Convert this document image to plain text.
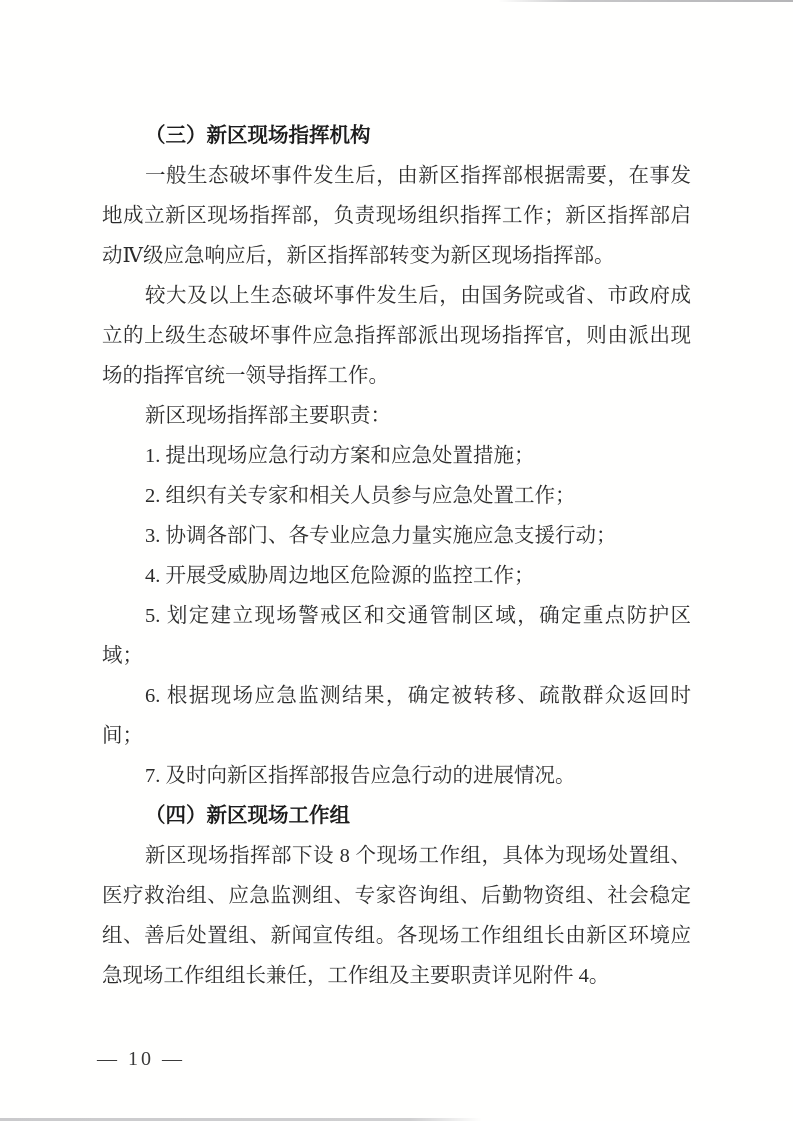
（三）新区现场指挥机构
一般生态破坏事件发生后，由新区指挥部根据需要，在事发
地成立新区现场指挥部，负责现场组织指挥工作；新区指挥部启
动Ⅳ级应急响应后，新区指挥部转变为新区现场指挥部。
较大及以上生态破坏事件发生后，由国务院或省、市政府成
立的上级生态破坏事件应急指挥部派出现场指挥官，则由派出现
场的指挥官统一领导指挥工作。
新区现场指挥部主要职责：
1. 提出现场应急行动方案和应急处置措施；
2. 组织有关专家和相关人员参与应急处置工作；
3. 协调各部门、各专业应急力量实施应急支援行动；
4. 开展受威胁周边地区危险源的监控工作；
5. 划定建立现场警戒区和交通管制区域，确定重点防护区
域；
6. 根据现场应急监测结果，确定被转移、疏散群众返回时
间；
7. 及时向新区指挥部报告应急行动的进展情况。
（四）新区现场工作组
新区现场指挥部下设 8 个现场工作组，具体为现场处置组、
医疗救治组、应急监测组、专家咨询组、后勤物资组、社会稳定
组、善后处置组、新闻宣传组。各现场工作组组长由新区环境应
急现场工作组组长兼任，工作组及主要职责详见附件 4。
— 10 —
